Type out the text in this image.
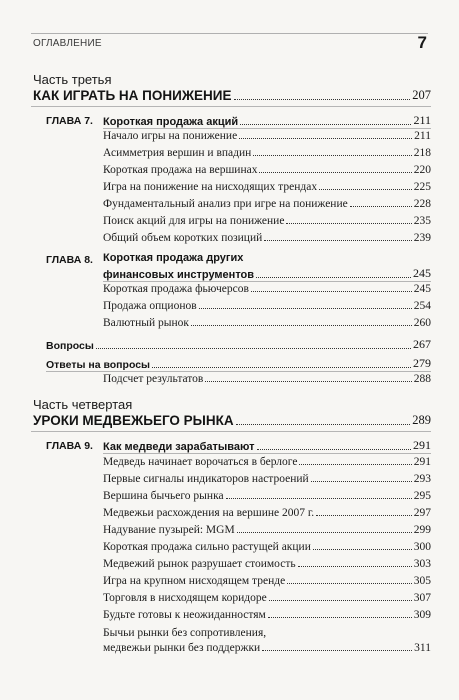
ОГЛАВЛЕНИЕ	7
Часть третья
КАК ИГРАТЬ НА ПОНИЖЕНИЕ	207
ГЛАВА 7. Короткая продажа акций	211
Начало игры на понижение	211
Асимметрия вершин и впадин	218
Короткая продажа на вершинах	220
Игра на понижение на нисходящих трендах	225
Фундаментальный анализ при игре на понижение	228
Поиск акций для игры на понижение	235
Общий объем коротких позиций	239
ГЛАВА 8. Короткая продажа других
финансовых инструментов	245
Короткая продажа фьючерсов	245
Продажа опционов	254
Валютный рынок	260
Вопросы	267
Ответы на вопросы	279
Подсчет результатов	288
Часть четвертая
УРОКИ МЕДВЕЖЬЕГО РЫНКА	289
ГЛАВА 9. Как медведи зарабатывают	291
Медведь начинает ворочаться в берлоге	291
Первые сигналы индикаторов настроений	293
Вершина бычьего рынка	295
Медвежьи расхождения на вершине 2007 г.	297
Надувание пузырей: MGM	299
Короткая продажа сильно растущей акции	300
Медвежий рынок разрушает стоимость	303
Игра на крупном нисходящем тренде	305
Торговля в нисходящем коридоре	307
Будьте готовы к неожиданностям	309
Бычьи рынки без сопротивления,
медвежьи рынки без поддержки	311
